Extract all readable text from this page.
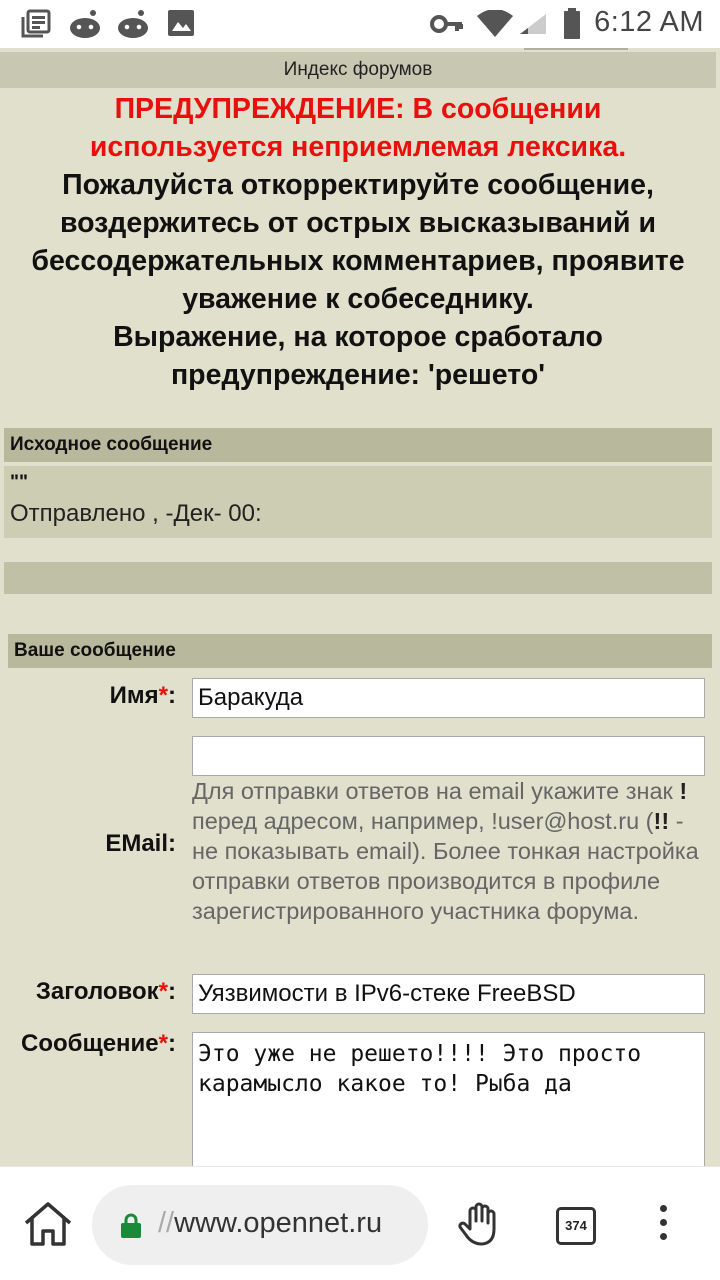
6:12 AM
Индекс форумов
ПРЕДУПРЕЖДЕНИЕ: В сообщении используется неприемлемая лексика.
Пожалуйста откорректируйте сообщение, воздержитесь от острых высказываний и бессодержательных комментариев, проявите уважение к собеседнику.
Выражение, на которое сработало предупреждение: 'решето'
Исходное сообщение
""
Отправлено , -Дек- 00:
Ваше сообщение
Имя*: Баракуда
EMail:
Для отправки ответов на email укажите знак ! перед адресом, например, !user@host.ru (!! - не показывать email). Более тонкая настройка отправки ответов производится в профиле зарегистрированного участника форума.
Заголовок*: Уязвимости в IPv6-стеке FreeBSD
Сообщение*: Это уже не решето!!!! Это просто карамысло какое то! Рыба да
//www.opennet.ru	374
